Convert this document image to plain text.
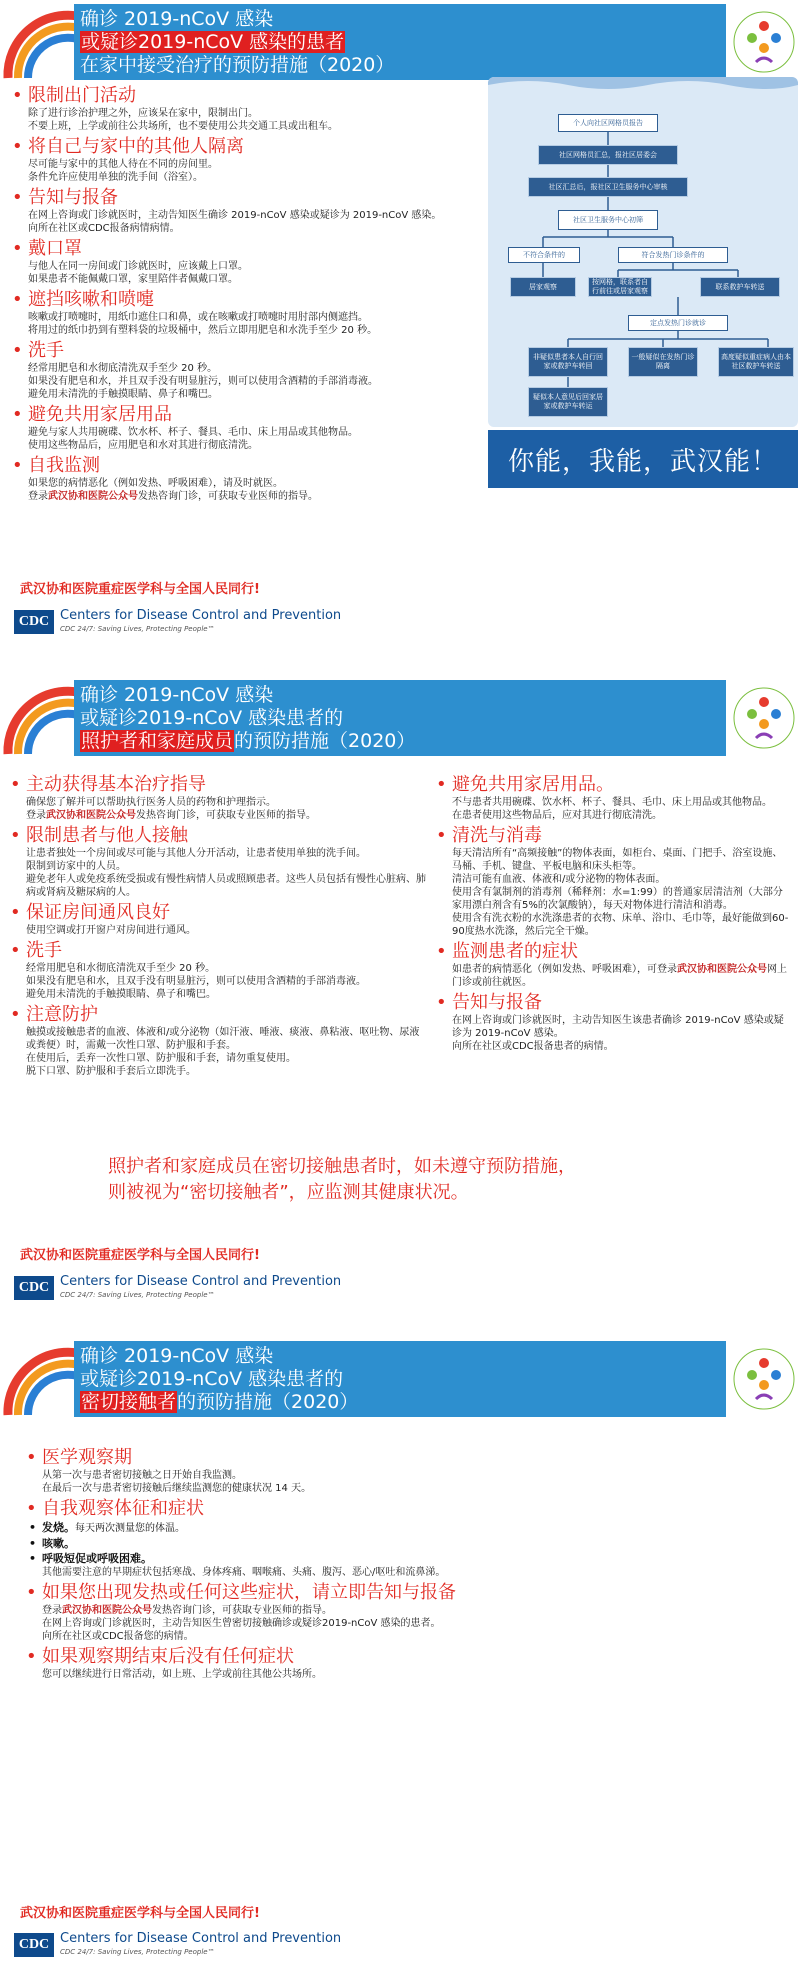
确诊 2019-nCoV 感染
或疑诊2019-nCoV 感染的患者
在家中接受治疗的预防措施（2020）
• 限制出门活动
除了进行诊治护理之外，应该呆在家中，限制出门。
不要上班，上学或前往公共场所，也不要使用公共交通工具或出租车。
• 将自己与家中的其他人隔离
尽可能与家中的其他人待在不同的房间里。
条件允许应使用单独的洗手间（浴室）。
• 告知与报备
在网上咨询或门诊就医时，主动告知医生确诊 2019-nCoV 感染或疑诊为 2019-nCoV 感染。
向所在社区或CDC报备病情病情。
• 戴口罩
与他人在同一房间或门诊就医时，应该戴上口罩。
如果患者不能佩戴口罩，家里陪伴者佩戴口罩。
• 遮挡咳嗽和喷嚏
咳嗽或打喷嚏时，用纸巾遮住口和鼻，或在咳嗽或打喷嚏时用肘部内侧遮挡。
将用过的纸巾扔到有塑料袋的垃圾桶中，然后立即用肥皂和水洗手至少 20 秒。
• 洗手
经常用肥皂和水彻底清洗双手至少 20 秒。
如果没有肥皂和水，并且双手没有明显脏污，则可以使用含酒精的手部消毒液。
避免用未清洗的手触摸眼睛、鼻子和嘴巴。
• 避免共用家居用品
避免与家人共用碗碟、饮水杯、杯子、餐具、毛巾、床上用品或其他物品。
使用这些物品后，应用肥皂和水对其进行彻底清洗。
• 自我监测
如果您的病情恶化（例如发热、呼吸困难），请及时就医。
登录武汉协和医院公众号发热咨询门诊，可获取专业医师的指导。
个人向社区网格员报告
社区网格员汇总，报社区居委会
社区汇总后，报社区卫生服务中心审核
社区卫生服务中心初筛
不符合条件的	符合发热门诊条件的
居家观察
按网格，联系者自行前往或居家观察
联系救护车转送
定点发热门诊就诊
非疑似患者本人自行回家或救护车转回
一般疑似在发热门诊隔离
高度疑似重症病人由本社区救护车转送
疑似本人意见后回家居家或救护车转运
你能，我能，武汉能！
武汉协和医院重症医学科与全国人民同行!
CDC Centers for Disease Control and Prevention
CDC 24/7: Saving Lives, Protecting People™
确诊 2019-nCoV 感染
或疑诊2019-nCoV 感染患者的
照护者和家庭成员的预防措施（2020）
• 主动获得基本治疗指导
确保您了解并可以帮助执行医务人员的药物和护理指示。
登录武汉协和医院公众号发热咨询门诊，可获取专业医师的指导。
• 限制患者与他人接触
让患者独处一个房间或尽可能与其他人分开活动，让患者使用单独的洗手间。
限制到访家中的人员。
避免老年人或免疫系统受损或有慢性病情人员或照顾患者。这些人员包括有慢性心脏病、肺病或肾病及糖尿病的人。
• 保证房间通风良好
使用空调或打开窗户对房间进行通风。
• 洗手
经常用肥皂和水彻底清洗双手至少 20 秒。
如果没有肥皂和水，且双手没有明显脏污，则可以使用含酒精的手部消毒液。
避免用未清洗的手触摸眼睛、鼻子和嘴巴。
• 注意防护
触摸或接触患者的血液、体液和/或分泌物（如汗液、唾液、痰液、鼻粘液、呕吐物、尿液或粪便）时，需戴一次性口罩、防护服和手套。
在使用后，丢弃一次性口罩、防护服和手套，请勿重复使用。
脱下口罩、防护服和手套后立即洗手。
• 避免共用家居用品。
不与患者共用碗碟、饮水杯、杯子、餐具、毛巾、床上用品或其他物品。
在患者使用这些物品后，应对其进行彻底清洗。
• 清洗与消毒
每天清洁所有“高频接触”的物体表面，如柜台、桌面、门把手、浴室设施、马桶、手机、键盘、平板电脑和床头柜等。
清洁可能有血液、体液和/或分泌物的物体表面。
使用含有氯制剂的消毒剂（稀释剂：水=1:99）的普通家居清洁剂（大部分家用漂白剂含有5%的次氯酸钠），每天对物体进行清洁和消毒。
使用含有洗衣粉的水洗涤患者的衣物、床单、浴巾、毛巾等，最好能做到60-90度热水洗涤，然后完全干燥。
• 监测患者的症状
如患者的病情恶化（例如发热、呼吸困难），可登录武汉协和医院公众号网上门诊或前往就医。
• 告知与报备
在网上咨询或门诊就医时，主动告知医生该患者确诊 2019-nCoV 感染或疑诊为 2019-nCoV 感染。
向所在社区或CDC报备患者的病情。
照护者和家庭成员在密切接触患者时，如未遵守预防措施，
则被视为“密切接触者”，应监测其健康状况。
武汉协和医院重症医学科与全国人民同行!
CDC Centers for Disease Control and Prevention
CDC 24/7: Saving Lives, Protecting People™
确诊 2019-nCoV 感染
或疑诊2019-nCoV 感染患者的
密切接触者的预防措施（2020）
• 医学观察期
从第一次与患者密切接触之日开始自我监测。
在最后一次与患者密切接触后继续监测您的健康状况 14 天。
• 自我观察体征和症状
• 发烧。每天两次测量您的体温。
• 咳嗽。
• 呼吸短促或呼吸困难。
其他需要注意的早期症状包括寒战、身体疼痛、咽喉痛、头痛、腹泻、恶心/呕吐和流鼻涕。
• 如果您出现发热或任何这些症状，请立即告知与报备
登录武汉协和医院公众号发热咨询门诊，可获取专业医师的指导。
在网上咨询或门诊就医时，主动告知医生曾密切接触确诊或疑诊2019-nCoV 感染的患者。
向所在社区或CDC报备您的病情。
• 如果观察期结束后没有任何症状
您可以继续进行日常活动，如上班、上学或前往其他公共场所。
武汉协和医院重症医学科与全国人民同行!
CDC Centers for Disease Control and Prevention
CDC 24/7: Saving Lives, Protecting People™
